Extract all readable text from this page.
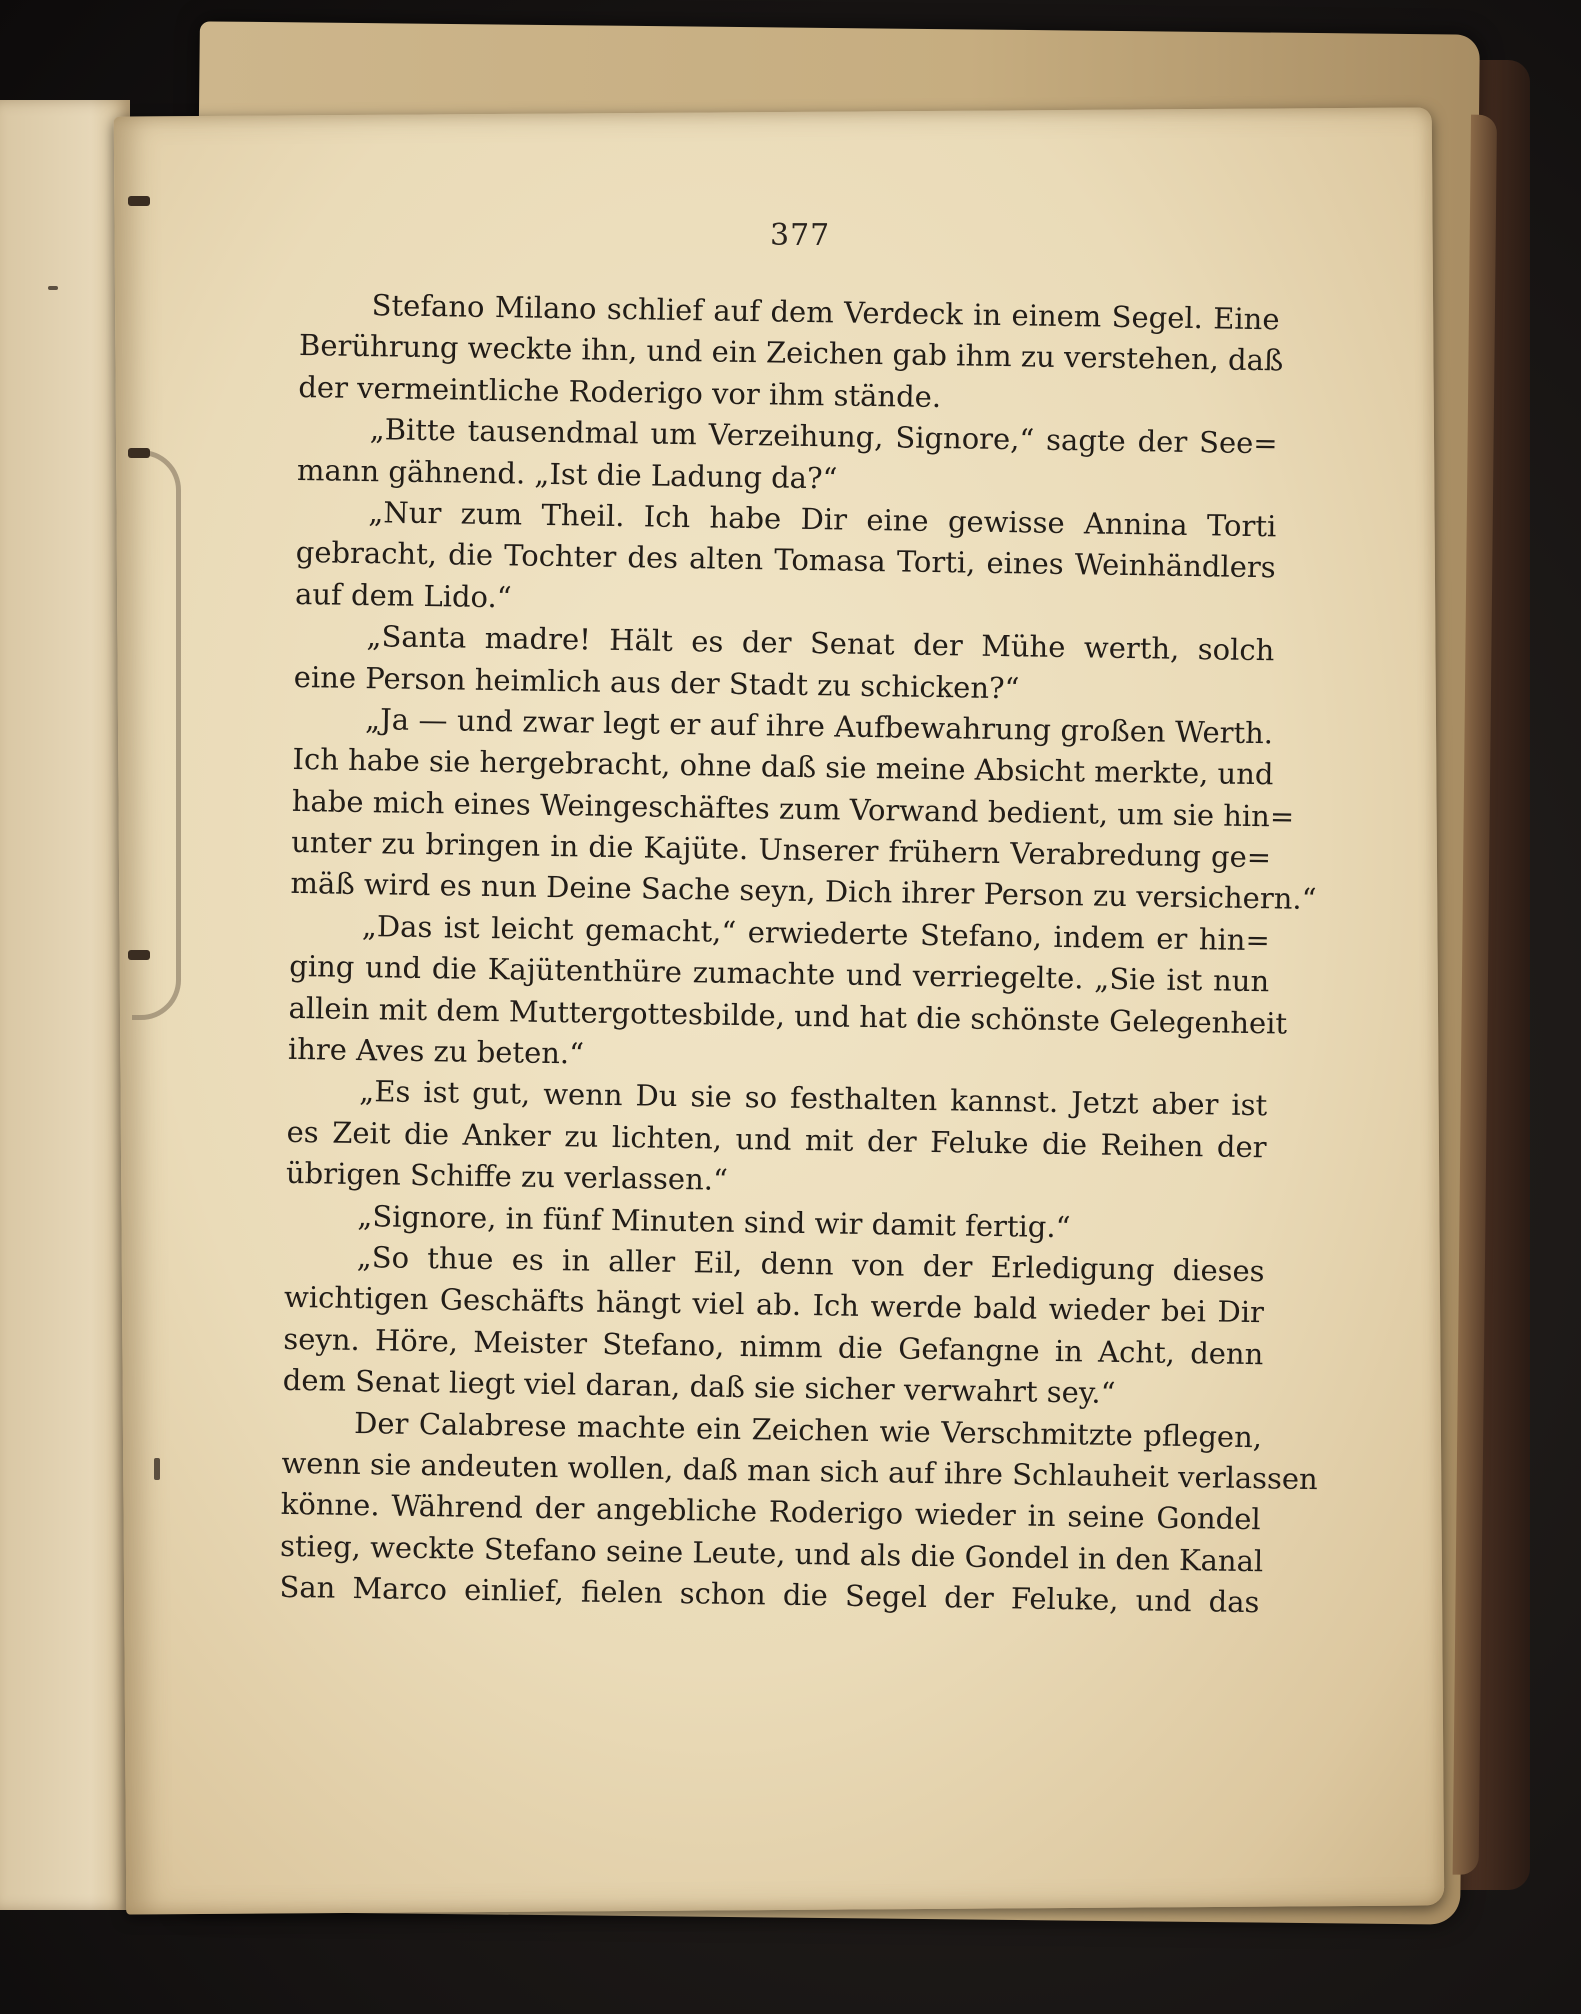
377
Stefano Milano schlief auf dem Verdeck in einem Segel. Eine
Berührung weckte ihn, und ein Zeichen gab ihm zu verstehen, daß
der vermeintliche Roderigo vor ihm stände.
„Bitte tausendmal um Verzeihung, Signore,“ sagte der See=
mann gähnend. „Ist die Ladung da?“
„Nur zum Theil. Ich habe Dir eine gewisse Annina Torti
gebracht, die Tochter des alten Tomasa Torti, eines Weinhändlers
auf dem Lido.“
„Santa madre! Hält es der Senat der Mühe werth, solch
eine Person heimlich aus der Stadt zu schicken?“
„Ja — und zwar legt er auf ihre Aufbewahrung großen Werth.
Ich habe sie hergebracht, ohne daß sie meine Absicht merkte, und
habe mich eines Weingeschäftes zum Vorwand bedient, um sie hin=
unter zu bringen in die Kajüte. Unserer frühern Verabredung ge=
mäß wird es nun Deine Sache seyn, Dich ihrer Person zu versichern.“
„Das ist leicht gemacht,“ erwiederte Stefano, indem er hin=
ging und die Kajütenthüre zumachte und verriegelte. „Sie ist nun
allein mit dem Muttergottesbilde, und hat die schönste Gelegenheit
ihre Aves zu beten.“
„Es ist gut, wenn Du sie so festhalten kannst. Jetzt aber ist
es Zeit die Anker zu lichten, und mit der Feluke die Reihen der
übrigen Schiffe zu verlassen.“
„Signore, in fünf Minuten sind wir damit fertig.“
„So thue es in aller Eil, denn von der Erledigung dieses
wichtigen Geschäfts hängt viel ab. Ich werde bald wieder bei Dir
seyn. Höre, Meister Stefano, nimm die Gefangne in Acht, denn
dem Senat liegt viel daran, daß sie sicher verwahrt sey.“
Der Calabrese machte ein Zeichen wie Verschmitzte pflegen,
wenn sie andeuten wollen, daß man sich auf ihre Schlauheit verlassen
könne. Während der angebliche Roderigo wieder in seine Gondel
stieg, weckte Stefano seine Leute, und als die Gondel in den Kanal
San Marco einlief, fielen schon die Segel der Feluke, und das
